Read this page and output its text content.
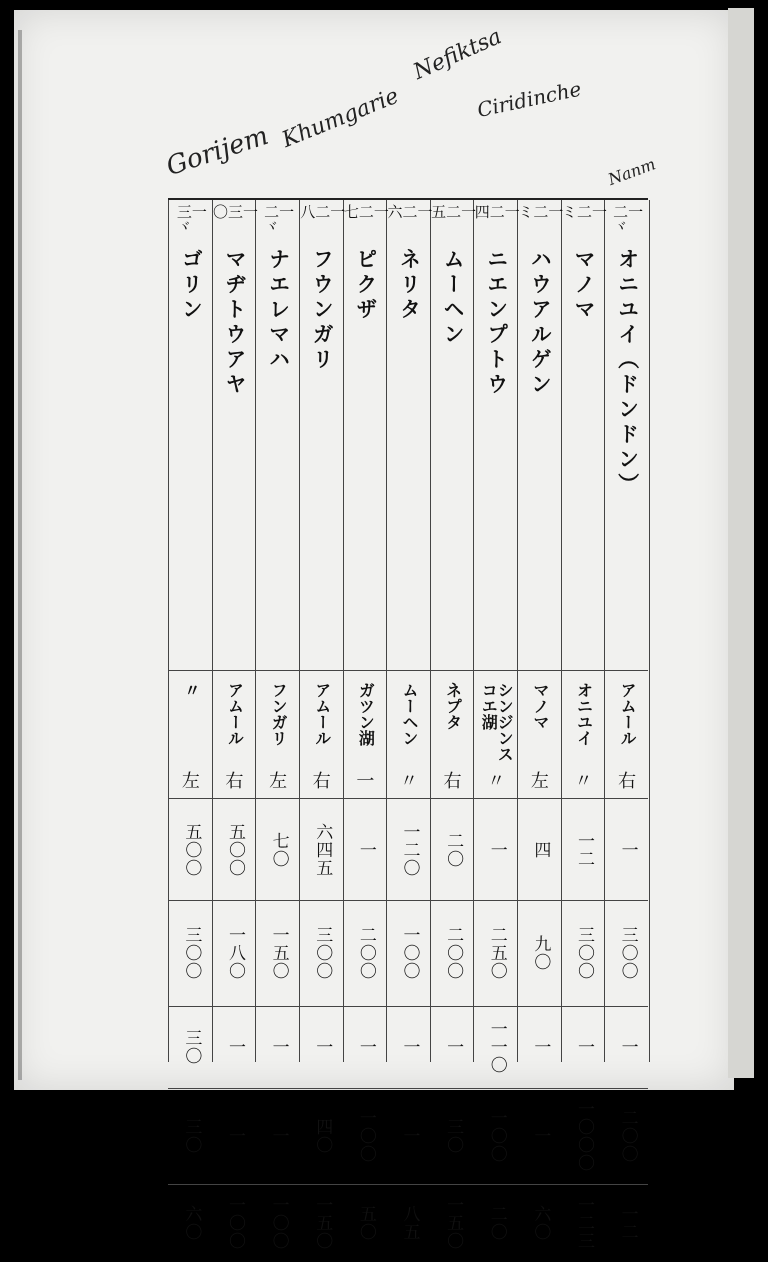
Gorijem Khumgarie
Nefiktsa
Ciridinche
Nanm
一二ヾ
オニユイ（ドンドン）
アムール
右
一
三〇〇
一
二〇〇
一二
一二ミ
マノマ
オニユイ
〃
一二
三〇〇
一
一〇〇〇
一二三
一二ミ
ハウアルゲン
マノマ
左
四
九〇
一
一
六〇
一二四
ニエンプトウ
シンジンスコエ湖
〃
一
二五〇
一一〇
一〇〇
二〇
一二五
ムーヘン
ネプタ
右
二〇
二〇〇
一
三〇
一五〇
一二六
ネリタ
ムーヘン
〃
一二〇
一〇〇
一
一
八五
一二七
ピクザ
ガツン湖
一
一
二〇〇
一
一〇〇
五〇
一二八
フウンガリ
アムール
右
六四五
三〇〇
一
四〇
一五〇
一二ヾ
ナエレマハ
フンガリ
左
七〇
一五〇
一
一
一〇〇
一三〇
マヂトウアヤ
アムール
右
五〇〇
一八〇
一
一
一〇〇
一三ヾ
ゴリン
〃
左
五〇〇
三〇〇
三〇
三〇
六〇
